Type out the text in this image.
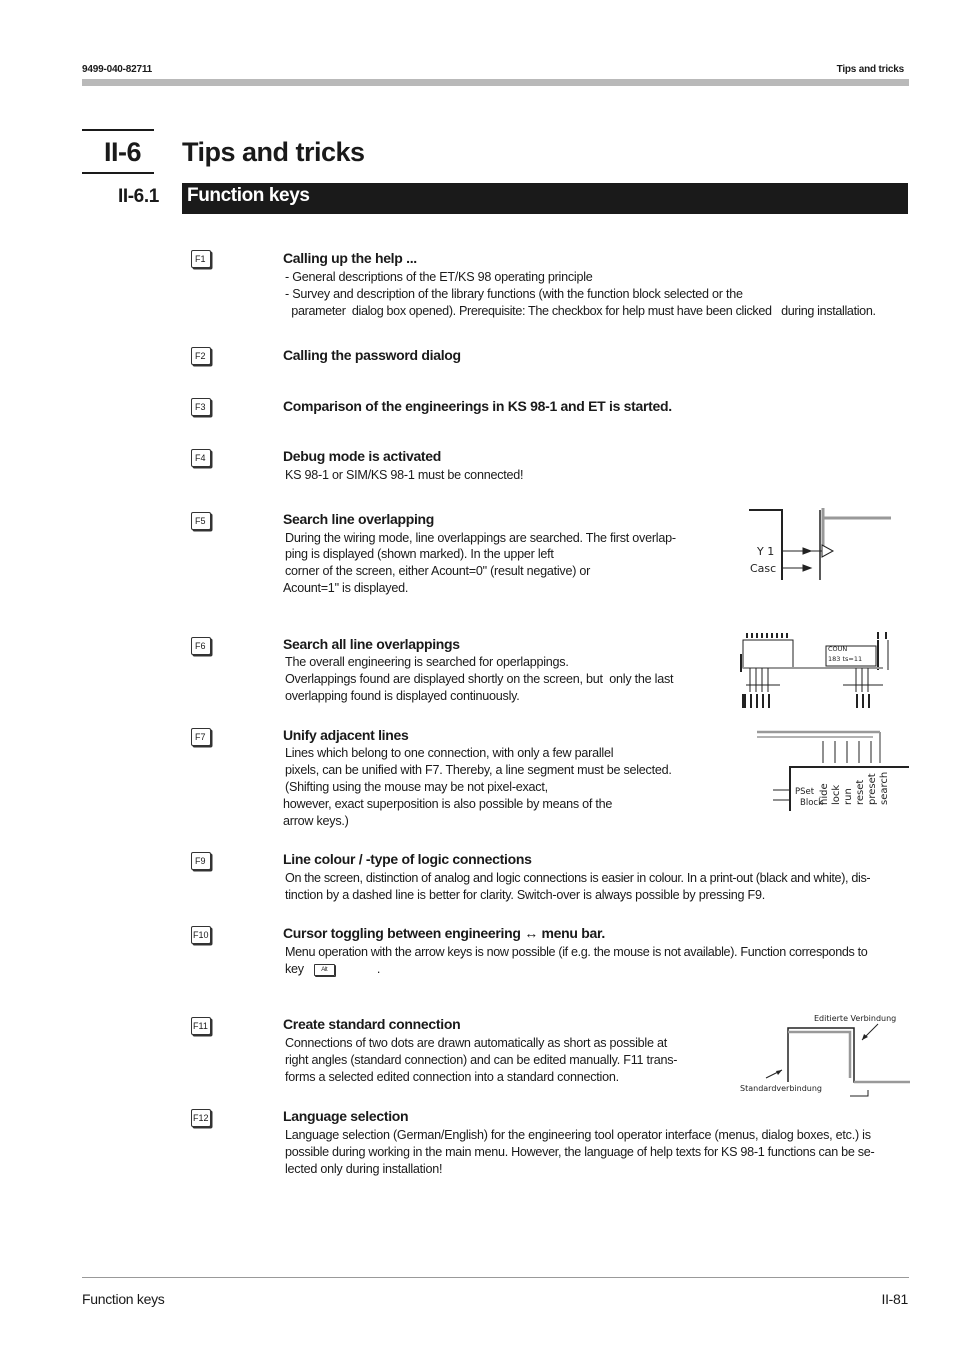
9499-040-82711	Tips and tricks
II-6 Tips and tricks
II-6.1 Function keys
F1	Calling up the help ...
- General descriptions of the ET/KS 98 operating principle
- Survey and description of the library functions (with the function block selected or the
parameter  dialog box opened). Prerequisite: The checkbox for help must have been clicked   during installation.
F2	Calling the password dialog
F3	Comparison of the engineerings in KS 98-1 and ET is started.
F4	Debug mode is activated
KS 98-1 or SIM/KS 98-1 must be connected!
F5	Search line overlapping
During the wiring mode, line overlappings are searched. The first overlap-
ping is displayed (shown marked). In the upper left
corner of the screen, either Acount=0" (result negative) or
Acount=1" is displayed.
Y 1
Casc
F6	Search all line overlappings
The overall engineering is searched for operlappings.
Overlappings found are displayed shortly on the screen, but  only the last
overlapping found is displayed continuously.
COUN
183 ts=11
F7	Unify adjacent lines
Lines which belong to one connection, with only a few parallel
pixels, can be unified with F7. Thereby, a line segment must be selected.
(Shifting using the mouse may be not pixel-exact,
however, exact superposition is also possible by means of the
arrow keys.)
hide lock run reset preset search
PSet
Block
F9	Line colour / -type of logic connections
On the screen, distinction of analog and logic connections is easier in colour. In a print-out (black and white), dis-
tinction by a dashed line is better for clarity. Switch-over is always possible by pressing F9.
F10	Cursor toggling between engineering ↔ menu bar.
Menu operation with the arrow keys is now possible (if e.g. the mouse is not available). Function corresponds to
key	Alt	.
F11	Create standard connection
Connections of two dots are drawn automatically as short as possible at
right angles (standard connection) and can be edited manually. F11 trans-
forms a selected edited connection into a standard connection.
Editierte Verbindung
Standardverbindung
F12	Language selection
Language selection (German/English) for the engineering tool operator interface (menus, dialog boxes, etc.) is
possible during working in the main menu. However, the language of help texts for KS 98-1 functions can be se-
lected only during installation!
Function keys	II-81
